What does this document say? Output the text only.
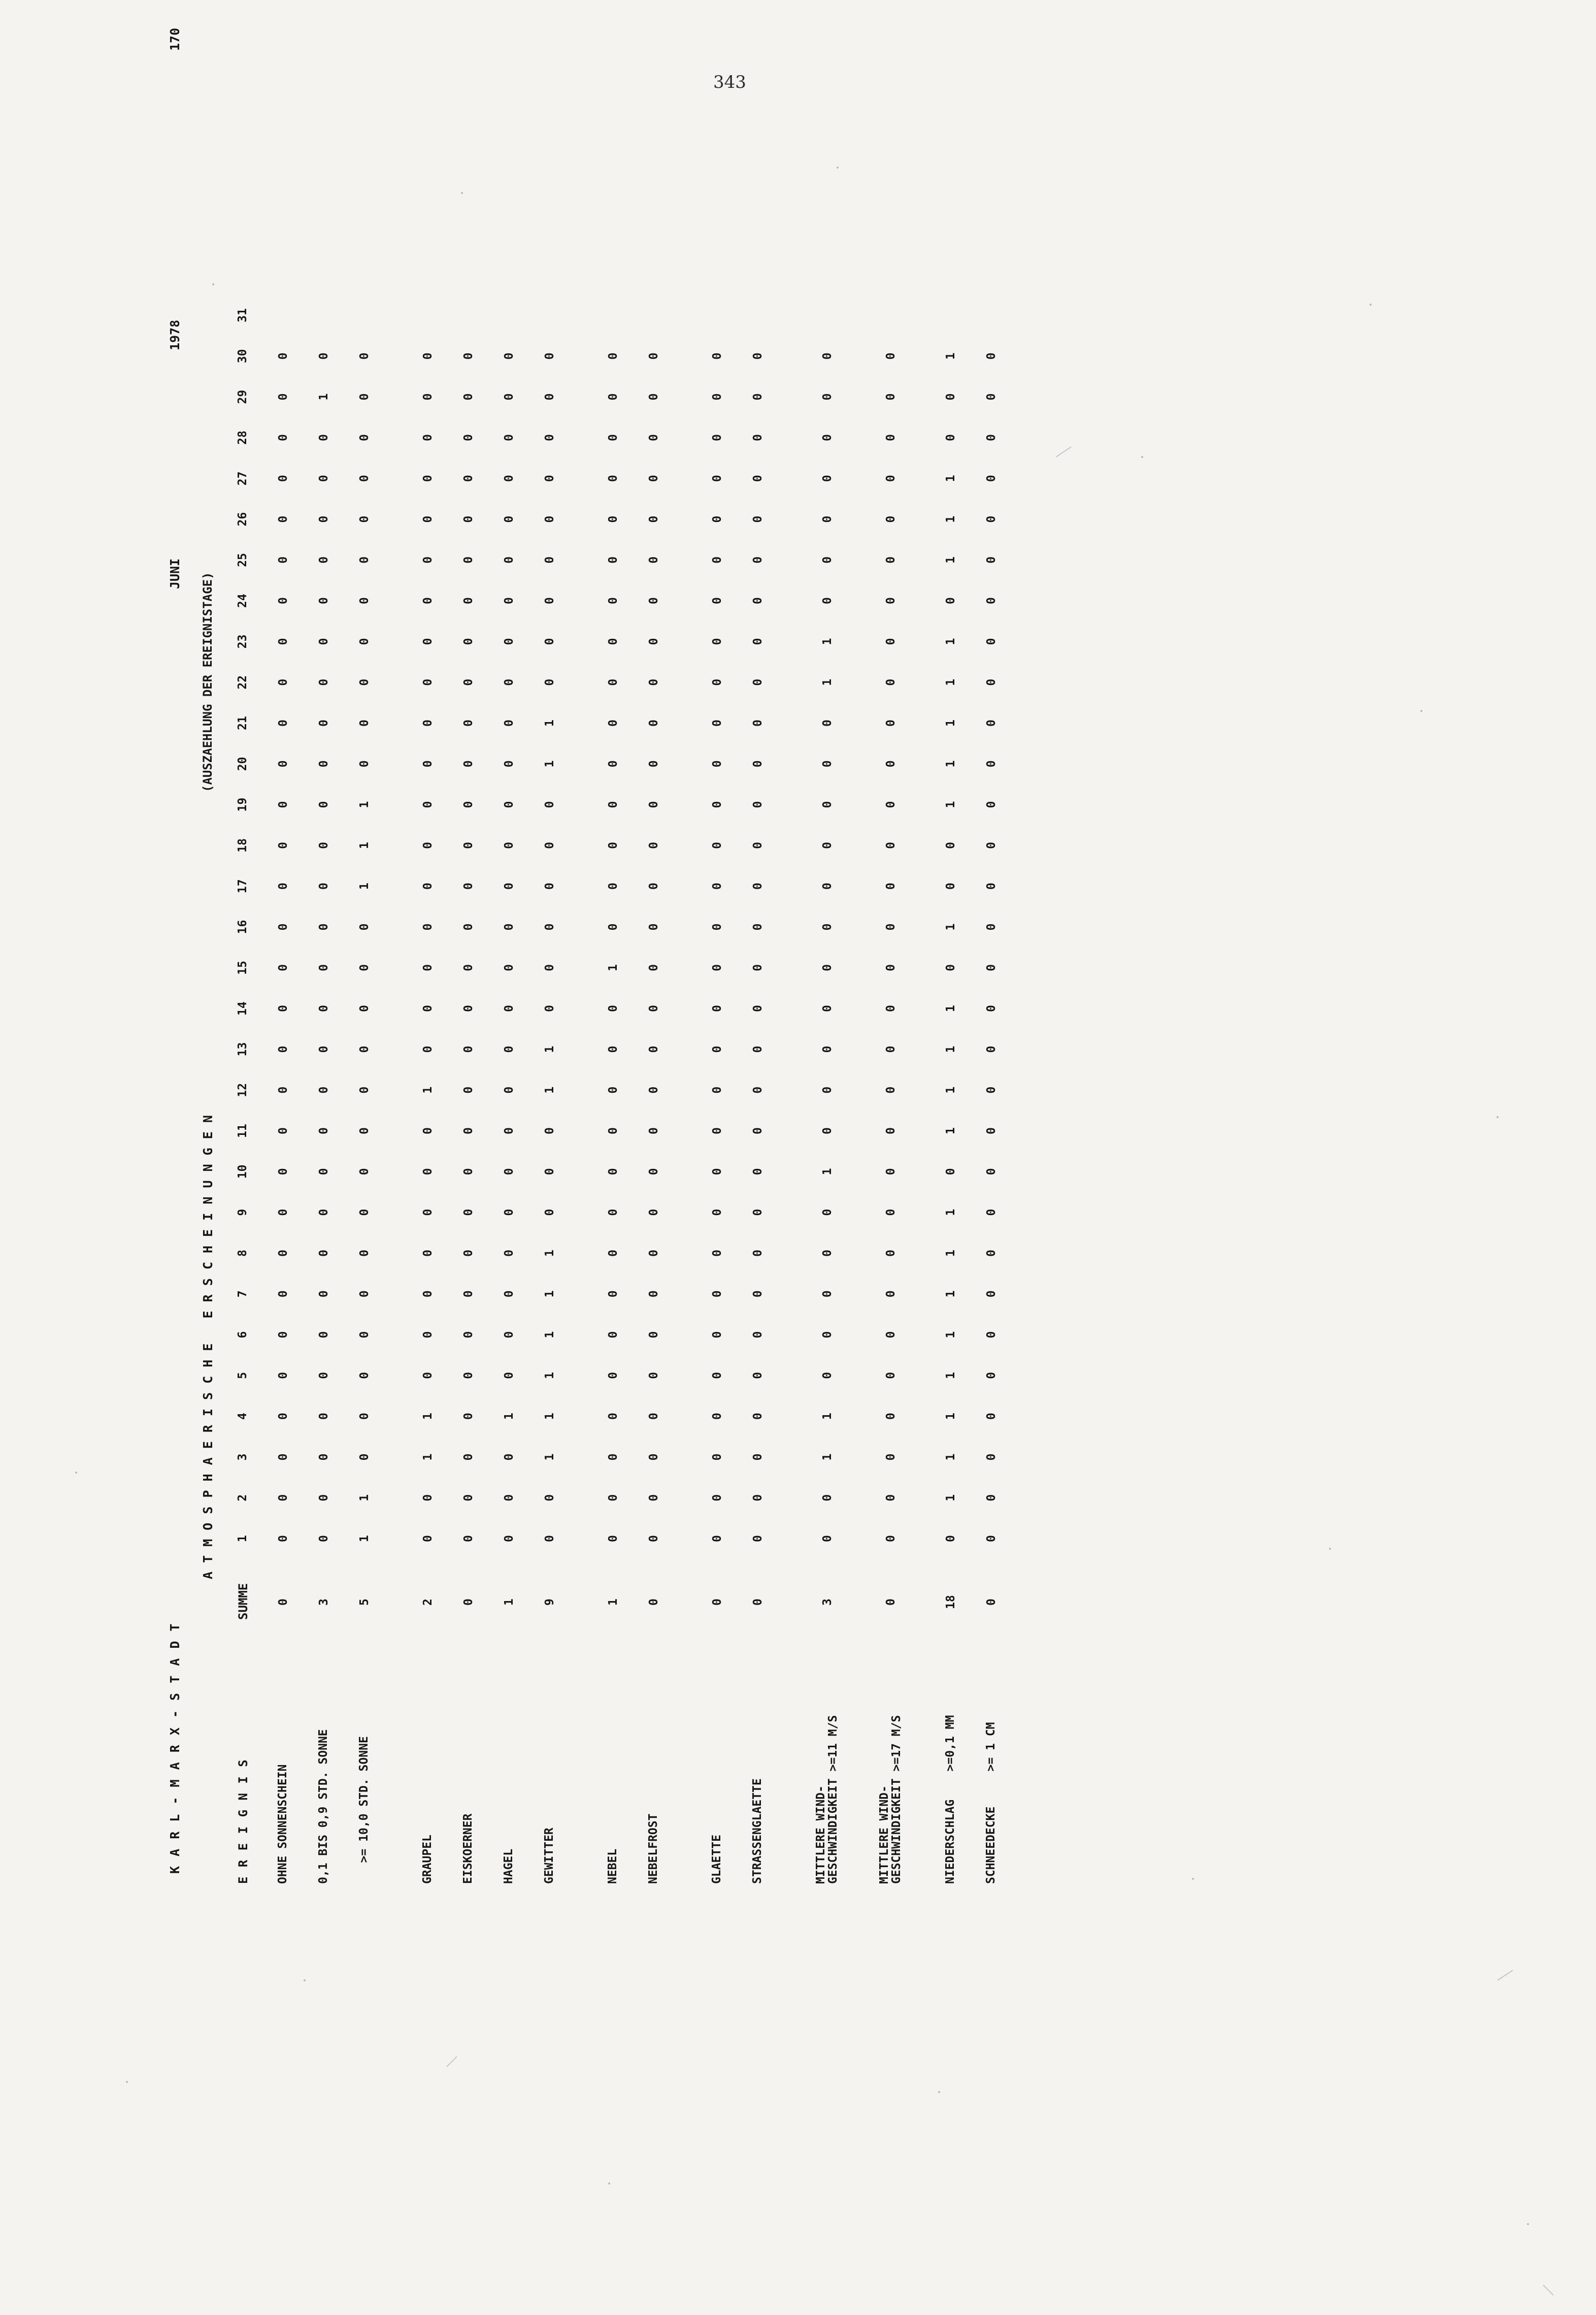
343
K A R L - M A R X - S T A D T
JUNI
1978
170
A T M O S P H A E R I S C H E   E R S C H E I N U N G E N
(AUSZAEHLUNG DER EREIGNISTAGE)
E R E I G N I S
SUMME
1
2
3
4
5
6
7
8
9
10
11
12
13
14
15
16
17
18
19
20
21
22
23
24
25
26
27
28
29
30
31
OHNE SONNENSCHEIN
0
0
0
0
0
0
0
0
0
0
0
0
0
0
0
0
0
0
0
0
0
0
0
0
0
0
0
0
0
0
0
0,1 BIS 0,9 STD. SONNE
3
0
0
0
0
0
0
0
0
0
0
0
0
0
0
0
0
0
0
0
0
0
0
0
0
0
0
0
0
1
0
>= 10,0 STD. SONNE
5
1
1
0
0
0
0
0
0
0
0
0
0
0
0
0
0
1
1
1
0
0
0
0
0
0
0
0
0
0
0
GRAUPEL
2
0
0
1
1
0
0
0
0
0
0
0
1
0
0
0
0
0
0
0
0
0
0
0
0
0
0
0
0
0
0
EISKOERNER
0
0
0
0
0
0
0
0
0
0
0
0
0
0
0
0
0
0
0
0
0
0
0
0
0
0
0
0
0
0
0
HAGEL
1
0
0
0
1
0
0
0
0
0
0
0
0
0
0
0
0
0
0
0
0
0
0
0
0
0
0
0
0
0
0
GEWITTER
9
0
0
1
1
1
1
1
1
0
0
0
1
1
0
0
0
0
0
0
1
1
0
0
0
0
0
0
0
0
0
NEBEL
1
0
0
0
0
0
0
0
0
0
0
0
0
0
0
1
0
0
0
0
0
0
0
0
0
0
0
0
0
0
0
NEBELFROST
0
0
0
0
0
0
0
0
0
0
0
0
0
0
0
0
0
0
0
0
0
0
0
0
0
0
0
0
0
0
0
GLAETTE
0
0
0
0
0
0
0
0
0
0
0
0
0
0
0
0
0
0
0
0
0
0
0
0
0
0
0
0
0
0
0
STRASSENGLAETTE
0
0
0
0
0
0
0
0
0
0
0
0
0
0
0
0
0
0
0
0
0
0
0
0
0
0
0
0
0
0
0
MITTLERE WIND-
GESCHWINDIGKEIT >=11 M/S
3
0
0
1
1
0
0
0
0
0
1
0
0
0
0
0
0
0
0
0
0
0
1
1
0
0
0
0
0
0
0
MITTLERE WIND-
GESCHWINDIGKEIT >=17 M/S
0
0
0
0
0
0
0
0
0
0
0
0
0
0
0
0
0
0
0
0
0
0
0
0
0
0
0
0
0
0
0
NIEDERSCHLAG    >=0,1 MM
18
0
1
1
1
1
1
1
1
1
0
1
1
1
1
0
1
0
0
1
1
1
1
1
0
1
1
1
0
0
1
SCHNEEDECKE     >= 1 CM
0
0
0
0
0
0
0
0
0
0
0
0
0
0
0
0
0
0
0
0
0
0
0
0
0
0
0
0
0
0
0
